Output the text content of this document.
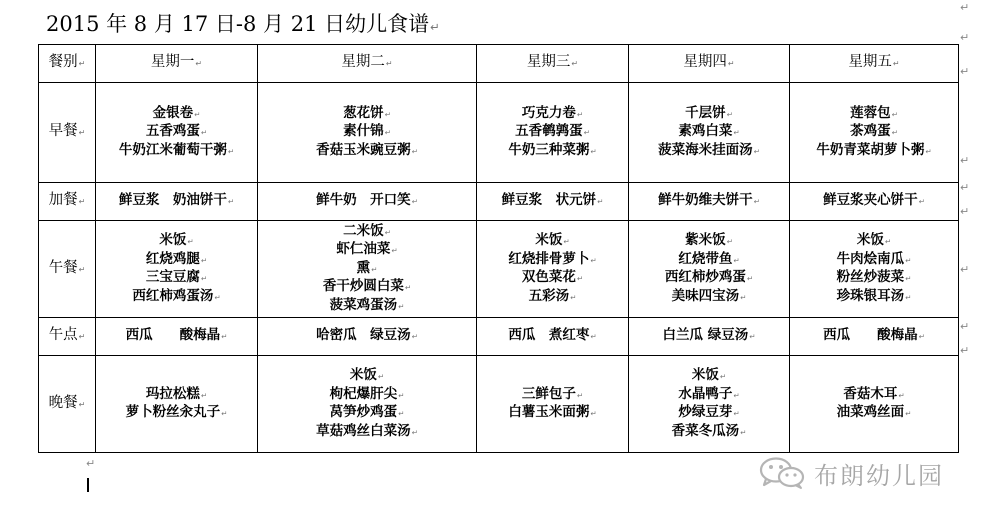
2015 年 8 月 17 日-8 月 21 日幼儿食谱↵
↵
↵
↵
↵
↵
↵
↵
↵
↵
↵
餐别↵	星期一↵	星期二↵	星期三↵	星期四↵	星期五↵
早餐↵	金银卷↵
五香鸡蛋↵
牛奶江米葡萄干粥↵	葱花饼↵
素什锦↵
香菇玉米豌豆粥↵	巧克力卷↵
五香鹌鹑蛋↵
牛奶三种菜粥↵	千层饼↵
素鸡白菜↵
菠菜海米挂面汤↵	莲蓉包↵
茶鸡蛋↵
牛奶青菜胡萝卜粥↵

加餐↵	鲜豆浆　奶油饼干↵	鲜牛奶　开口笑↵	鲜豆浆　状元饼↵	鲜牛奶维夫饼干↵	鲜豆浆夹心饼干↵

午餐↵	米饭↵
红烧鸡腿↵
三宝豆腐↵
西红柿鸡蛋汤↵	二米饭↵
虾仁油菜↵
熏↵
香干炒圆白菜↵
菠菜鸡蛋汤↵	米饭↵
红烧排骨萝卜↵
双色菜花↵
五彩汤↵	紫米饭↵
红烧带鱼↵
西红柿炒鸡蛋↵
美味四宝汤↵	米饭↵
牛肉烩南瓜↵
粉丝炒菠菜↵
珍珠银耳汤↵

午点↵	西瓜　　酸梅晶↵	哈密瓜　绿豆汤↵	西瓜　煮红枣↵	白兰瓜 绿豆汤↵	西瓜　　酸梅晶↵

晚餐↵	玛拉松糕↵
萝卜粉丝汆丸子↵	米饭↵
枸杞爆肝尖↵
莴笋炒鸡蛋↵
草菇鸡丝白菜汤↵	三鲜包子↵
白薯玉米面粥↵	米饭↵
水晶鸭子↵
炒绿豆芽↵
香菜冬瓜汤↵	香菇木耳↵
油菜鸡丝面↵
布朗幼儿园
